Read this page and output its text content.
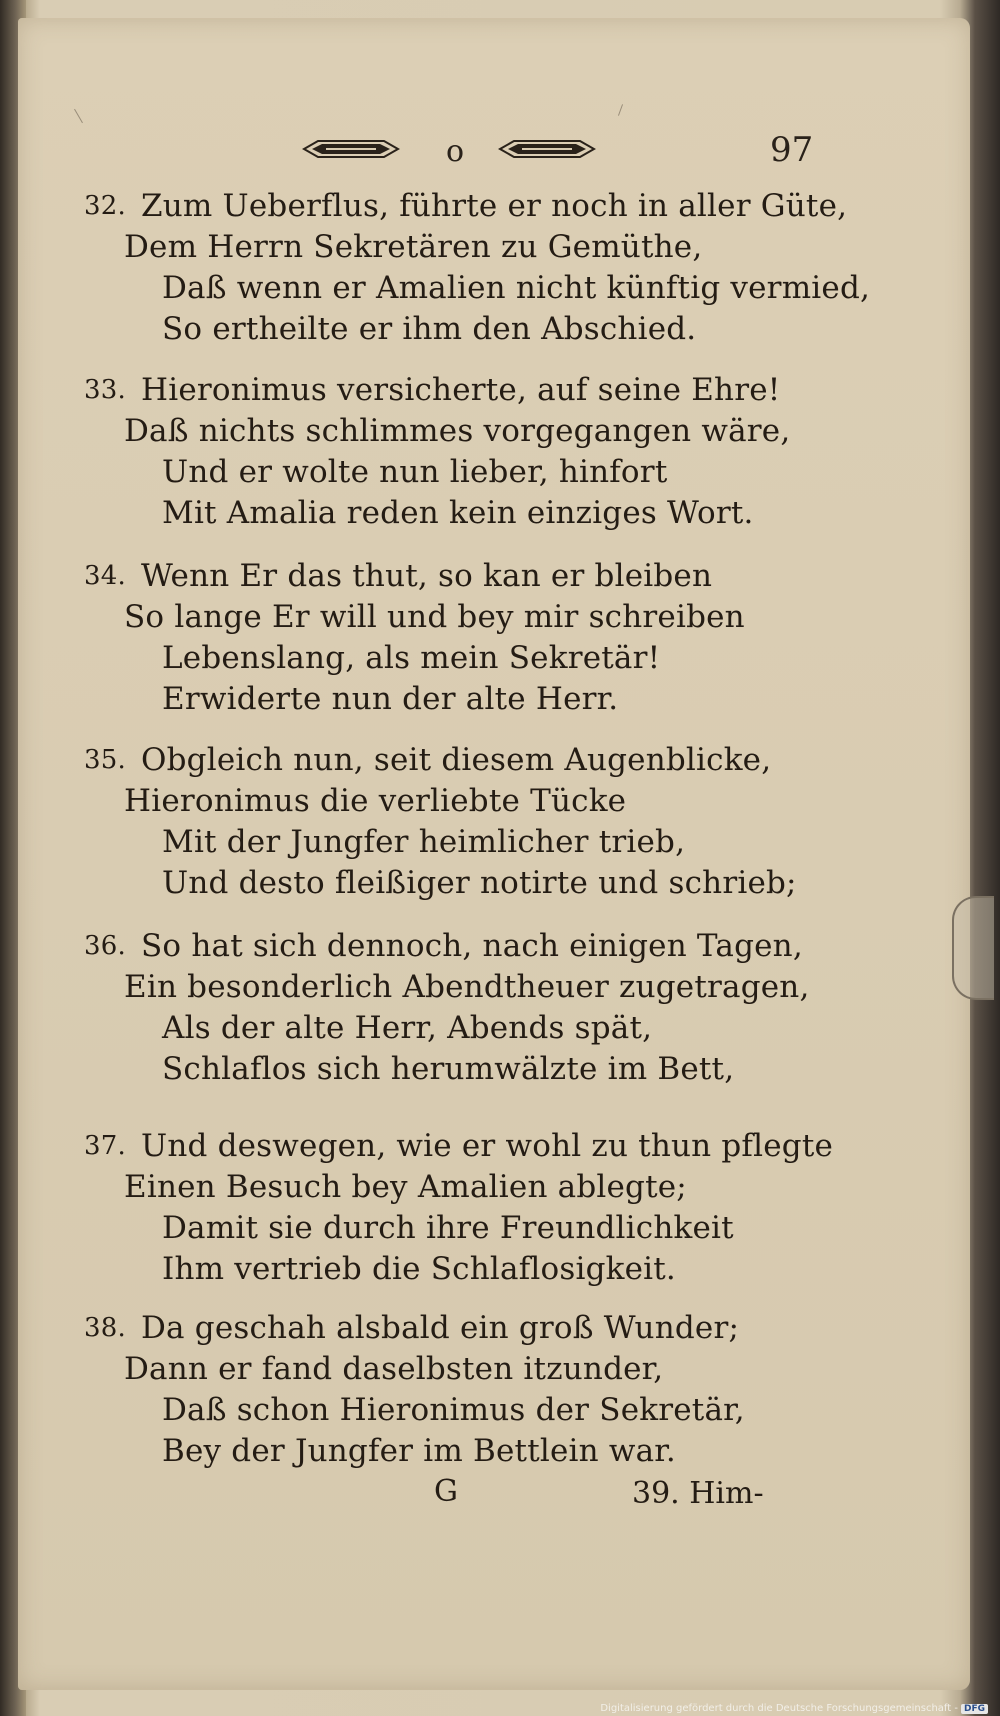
o	97
32. Zum Ueberflus, führte er noch in aller Güte,
Dem Herrn Sekretären zu Gemüthe,
Daß wenn er Amalien nicht künftig vermied,
So ertheilte er ihm den Abschied.
33. Hieronimus versicherte, auf seine Ehre!
Daß nichts schlimmes vorgegangen wäre,
Und er wolte nun lieber, hinfort
Mit Amalia reden kein einziges Wort.
34. Wenn Er das thut, so kan er bleiben
So lange Er will und bey mir schreiben
Lebenslang, als mein Sekretär!
Erwiderte nun der alte Herr.
35. Obgleich nun, seit diesem Augenblicke,
Hieronimus die verliebte Tücke
Mit der Jungfer heimlicher trieb,
Und desto fleißiger notirte und schrieb;
36. So hat sich dennoch, nach einigen Tagen,
Ein besonderlich Abendtheuer zugetragen,
Als der alte Herr, Abends spät,
Schlaflos sich herumwälzte im Bett,
37. Und deswegen, wie er wohl zu thun pflegte
Einen Besuch bey Amalien ablegte;
Damit sie durch ihre Freundlichkeit
Ihm vertrieb die Schlaflosigkeit.
38. Da geschah alsbald ein groß Wunder;
Dann er fand daselbsten itzunder,
Daß schon Hieronimus der Sekretär,
Bey der Jungfer im Bettlein war.
G	39. Him-
Digitalisierung gefördert durch die Deutsche Forschungsgemeinschaft - DFG
